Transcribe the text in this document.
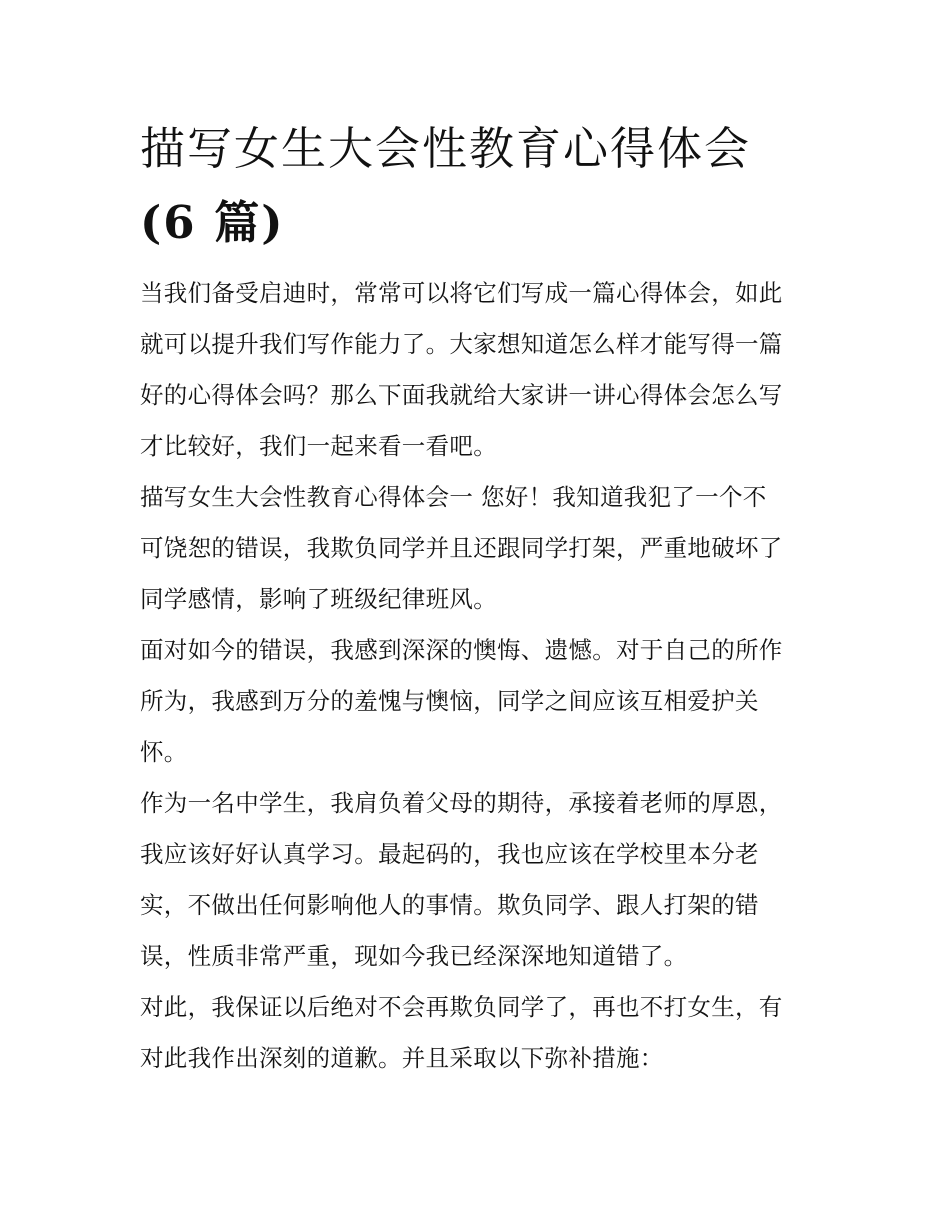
描写女生大会性教育心得体会
(6 篇)

当我们备受启迪时，常常可以将它们写成一篇心得体会，如此
就可以提升我们写作能力了。大家想知道怎么样才能写得一篇
好的心得体会吗？那么下面我就给大家讲一讲心得体会怎么写
才比较好，我们一起来看一看吧。

描写女生大会性教育心得体会一 您好！我知道我犯了一个不
可饶恕的错误，我欺负同学并且还跟同学打架，严重地破坏了
同学感情，影响了班级纪律班风。

面对如今的错误，我感到深深的懊悔、遗憾。对于自己的所作
所为，我感到万分的羞愧与懊恼，同学之间应该互相爱护关
怀。

作为一名中学生，我肩负着父母的期待，承接着老师的厚恩，
我应该好好认真学习。最起码的，我也应该在学校里本分老
实，不做出任何影响他人的事情。欺负同学、跟人打架的错
误，性质非常严重，现如今我已经深深地知道错了。

对此，我保证以后绝对不会再欺负同学了，再也不打女生，有
对此我作出深刻的道歉。并且采取以下弥补措施：
